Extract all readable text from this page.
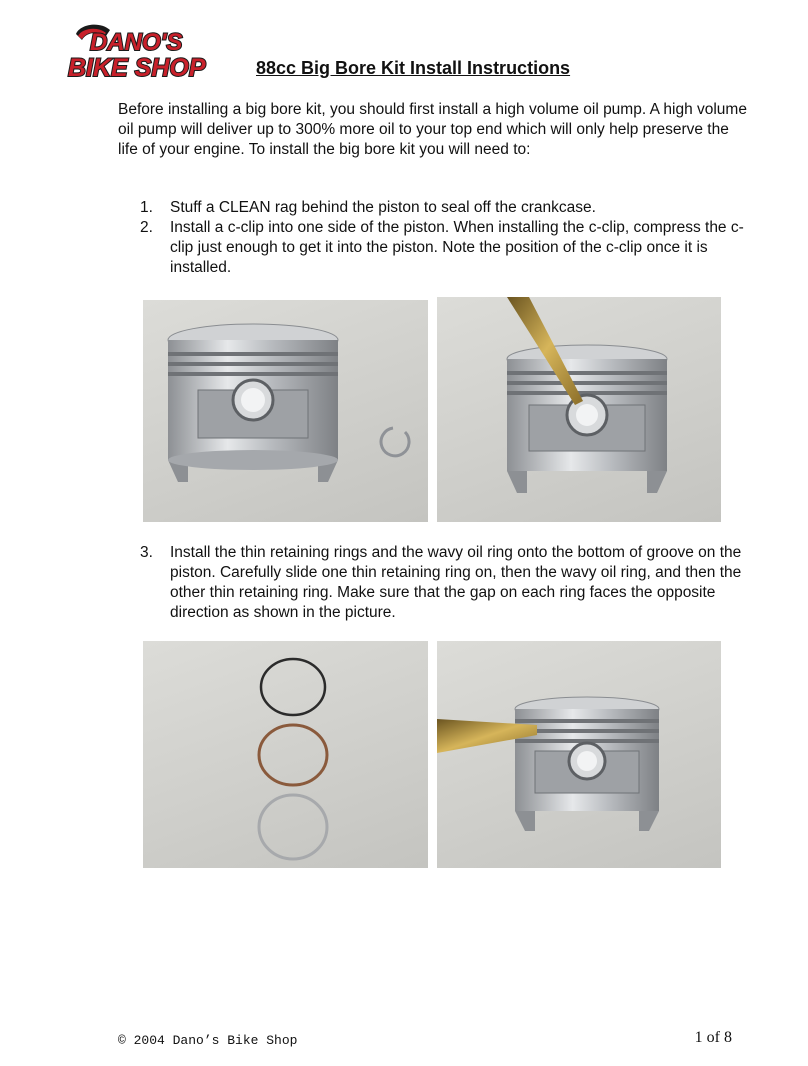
DANO'S
BIKE SHOP	88cc Big Bore Kit Install Instructions

Before installing a big bore kit, you should first install a high volume oil pump. A high volume oil pump will deliver up to 300% more oil to your top end which will only help preserve the life of your engine. To install the big bore kit you will need to:

1.	Stuff a CLEAN rag behind the piston to seal off the crankcase.
2.	Install a c-clip into one side of the piston. When installing the c-clip, compress the c-clip just enough to get it into the piston. Note the position of the c-clip once it is installed.
3.	Install the thin retaining rings and the wavy oil ring onto the bottom of groove on the piston. Carefully slide one thin retaining ring on, then the wavy oil ring, and then the other thin retaining ring. Make sure that the gap on each ring faces the opposite direction as shown in the picture.
© 2004 Dano’s Bike Shop	1 of 8
